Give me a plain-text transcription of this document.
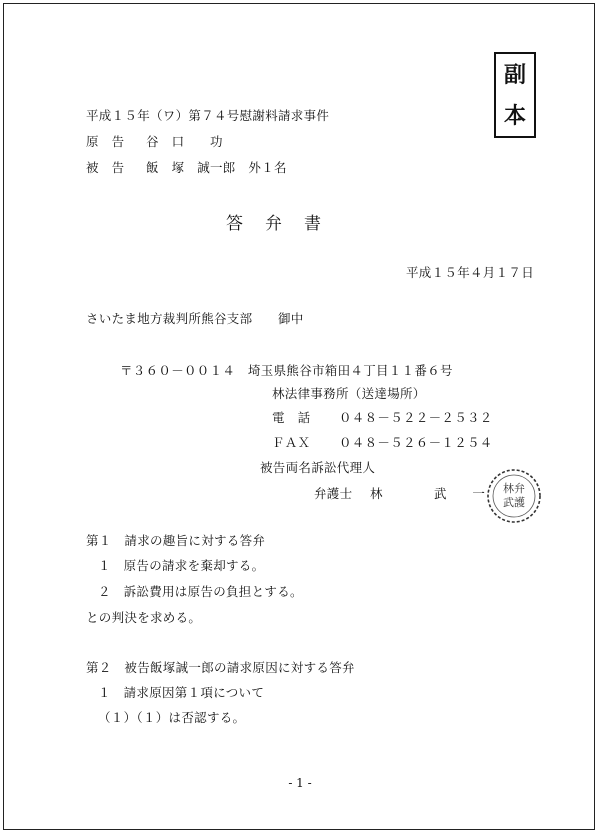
副
本
平成１５年（ワ）第７４号慰謝料請求事件
原　告 谷　口　　功
被　告 飯　塚　誠一郎　外１名
答弁書
平成１５年４月１７日
さいたま地方裁判所熊谷支部　　御中
〒３６０－００１４　埼玉県熊谷市箱田４丁目１１番６号
林法律事務所（送達場所）
電　話 ０４８－５２２－２５３２
ＦＡＸ ０４８－５２６－１２５４
被告両名訴訟代理人
弁護士 林　　　　武　　一 林弁
武護
第１　請求の趣旨に対する答弁
１　原告の請求を棄却する。
２　訴訟費用は原告の負担とする。
との判決を求める。
第２　被告飯塚誠一郎の請求原因に対する答弁
１　請求原因第１項について
（１）（１）は否認する。
- 1 -
